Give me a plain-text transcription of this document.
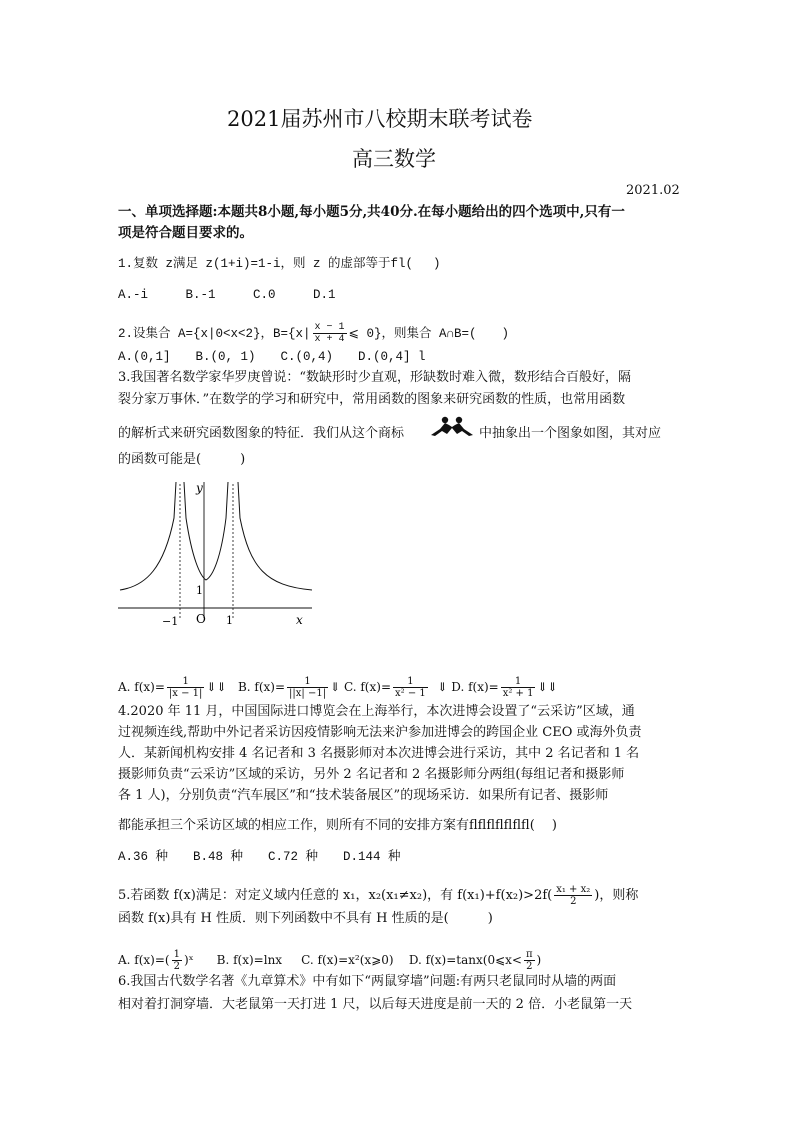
2021届苏州市八校期末联考试卷
高三数学
2021.02
一、单项选择题:本题共8小题,每小题5分,共40分.在每小题给出的四个选项中,只有一
项是符合题目要求的。
1.复数 z满足 z(1+i)=1-i，则 z 的虚部等于fl(　 )
A.-i　　　B.-1　　　C.0　　　D.1
2.设集合 A={x|0<x<2}，$B=\{x| \frac{x - 1}{x + 4}$ ⩽ 0}，则集合 A∩B=(　　)
A.(0,1]　　B.(0, 1)　　C.(0,4)　　D.(0,4] l
3.我国著名数学家华罗庚曾说：“数缺形时少直观，形缺数时难入微，数形结合百般好，隔
裂分家万事休．”在数学的学习和研究中，常用函数的图象来研究函数的性质，也常用函数
的解析式来研究函数图象的特征．我们从这个商标	中抽象出一个图象如图，其对应
的函数可能是(　　　)
y
x
O
1
−1	1
A. $f(x)= \frac{1}{|x - 1|}$ ⇓⇓ B. $f(x)= \frac{1}{||x| -1|}$ ⇓ C. $f(x)= \frac{1}{\text{x² − 1}}$ ⇓ D. $f(x)= \frac{1}{\text{x² + 1}}$ ⇓⇓
4.2020 年 11 月，中国国际进口博览会在上海举行，本次进博会设置了“云采访”区域，通
过视频连线,帮助中外记者采访因疫情影响无法来沪参加进博会的跨国企业 CEO 或海外负责
人．某新闻机构安排 4 名记者和 3 名摄影师对本次进博会进行采访，其中 2 名记者和 1 名
摄影师负责“云采访”区域的采访，另外 2 名记者和 2 名摄影师分两组(每组记者和摄影师
各 1 人)，分别负责“汽车展区”和“技术装备展区”的现场采访．如果所有记者、摄影师
都能承担三个采访区域的相应工作，则所有不同的安排方案有flflflflflflfl(　 )
A.36 种　　B.48 种　　C.72 种　　D.144 种
5.若函数 f(x)满足：对定义域内任意的 x₁，x₂(x₁≠x₂)，有 $f(x_1)+f(x_2)>2f( \frac{\text{x₁ + x₂}}{2}$ )，则称
函数 f(x)具有 H 性质．则下列函数中不具有 H 性质的是(　　　)
A. $f(x)=( \frac{1}{2}$ )ˣ B. f(x)=lnx C. f(x)=x²(x⩾0) D. f(x)=tanx(0⩽x< $\frac{\pi}{2}$ )
6.我国古代数学名著《九章算术》中有如下“两鼠穿墙”问题:有两只老鼠同时从墙的两面
相对着打洞穿墙．大老鼠第一天打进 1 尺，以后每天进度是前一天的 2 倍．小老鼠第一天
